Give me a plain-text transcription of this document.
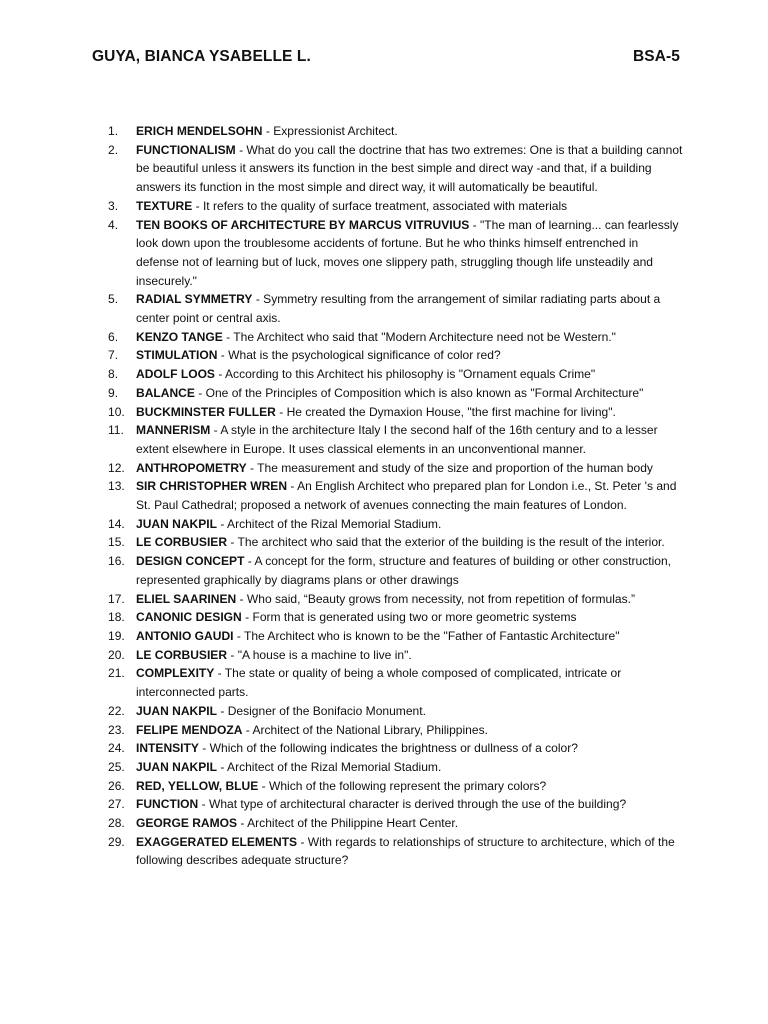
GUYA, BIANCA YSABELLE L.	BSA-5
1.	ERICH MENDELSOHN - Expressionist Architect.
2.	FUNCTIONALISM - What do you call the doctrine that has two extremes: One is that a building cannot be beautiful unless it answers its function in the best simple and direct way -and that, if a building answers its function in the most simple and direct way, it will automatically be beautiful.
3.	TEXTURE - It refers to the quality of surface treatment, associated with materials
4.	TEN BOOKS OF ARCHITECTURE BY MARCUS VITRUVIUS - "The man of learning... can fearlessly look down upon the troublesome accidents of fortune. But he who thinks himself entrenched in defense not of learning but of luck, moves one slippery path, struggling though life unsteadily and insecurely."
5.	RADIAL SYMMETRY - Symmetry resulting from the arrangement of similar radiating parts about a center point or central axis.
6.	KENZO TANGE - The Architect who said that "Modern Architecture need not be Western."
7.	STIMULATION - What is the psychological significance of color red?
8.	ADOLF LOOS - According to this Architect his philosophy is "Ornament equals Crime"
9.	BALANCE - One of the Principles of Composition which is also known as "Formal Architecture"
10. BUCKMINSTER FULLER - He created the Dymaxion House, "the first machine for living".
11.	MANNERISM - A style in the architecture Italy I the second half of the 16th century and to a lesser extent elsewhere in Europe. It uses classical elements in an unconventional manner.
12. ANTHROPOMETRY - The measurement and study of the size and proportion of the human body
13. SIR CHRISTOPHER WREN - An English Architect who prepared plan for London i.e., St. Peter 's and St. Paul Cathedral; proposed a network of avenues connecting the main features of London.
14. JUAN NAKPIL - Architect of the Rizal Memorial Stadium.
15. LE CORBUSIER - The architect who said that the exterior of the building is the result of the interior.
16. DESIGN CONCEPT - A concept for the form, structure and features of building or other construction, represented graphically by diagrams plans or other drawings
17. ELIEL SAARINEN - Who said, “Beauty grows from necessity, not from repetition of formulas.”
18. CANONIC DESIGN - Form that is generated using two or more geometric systems
19. ANTONIO GAUDI - The Architect who is known to be the "Father of Fantastic Architecture"
20. LE CORBUSIER - "A house is a machine to live in".
21. COMPLEXITY - The state or quality of being a whole composed of complicated, intricate or interconnected parts.
22. JUAN NAKPIL - Designer of the Bonifacio Monument.
23. FELIPE MENDOZA - Architect of the National Library, Philippines.
24. INTENSITY - Which of the following indicates the brightness or dullness of a color?
25. JUAN NAKPIL - Architect of the Rizal Memorial Stadium.
26. RED, YELLOW, BLUE - Which of the following represent the primary colors?
27. FUNCTION - What type of architectural character is derived through the use of the building?
28. GEORGE RAMOS - Architect of the Philippine Heart Center.
29. EXAGGERATED ELEMENTS - With regards to relationships of structure to architecture, which of the following describes adequate structure?
